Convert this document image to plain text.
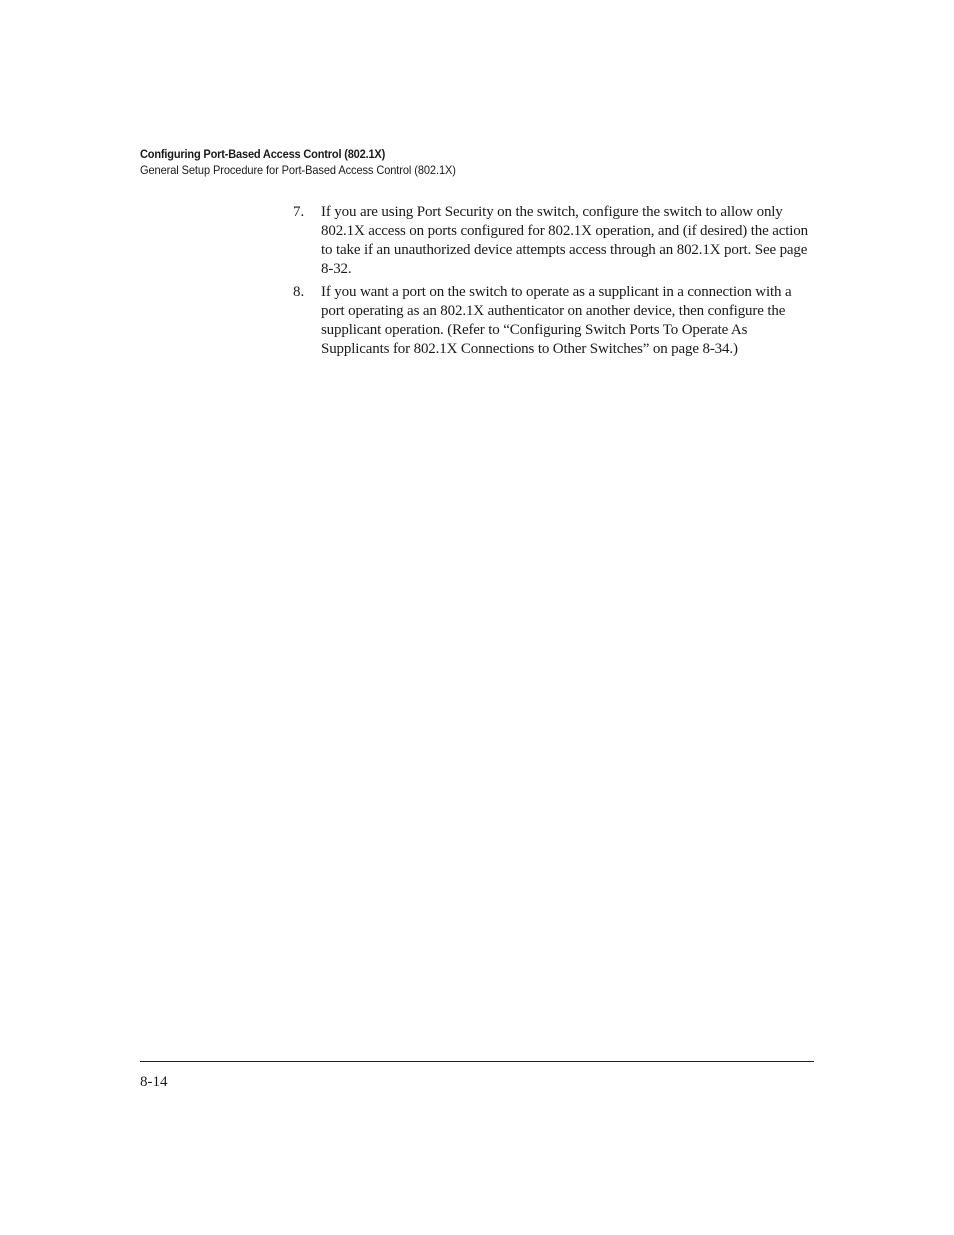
Configuring Port-Based Access Control (802.1X)
General Setup Procedure for Port-Based Access Control (802.1X)
7.	If you are using Port Security on the switch, configure the switch to allow only 802.1X access on ports configured for 802.1X operation, and (if desired) the action to take if an unauthorized device attempts access through an 802.1X port. See page 8-32.
8.	If you want a port on the switch to operate as a supplicant in a connection with a port operating as an 802.1X authenticator on another device, then configure the supplicant operation. (Refer to “Configuring Switch Ports To Operate As Supplicants for 802.1X Connections to Other Switches” on page 8-34.)
8-14
